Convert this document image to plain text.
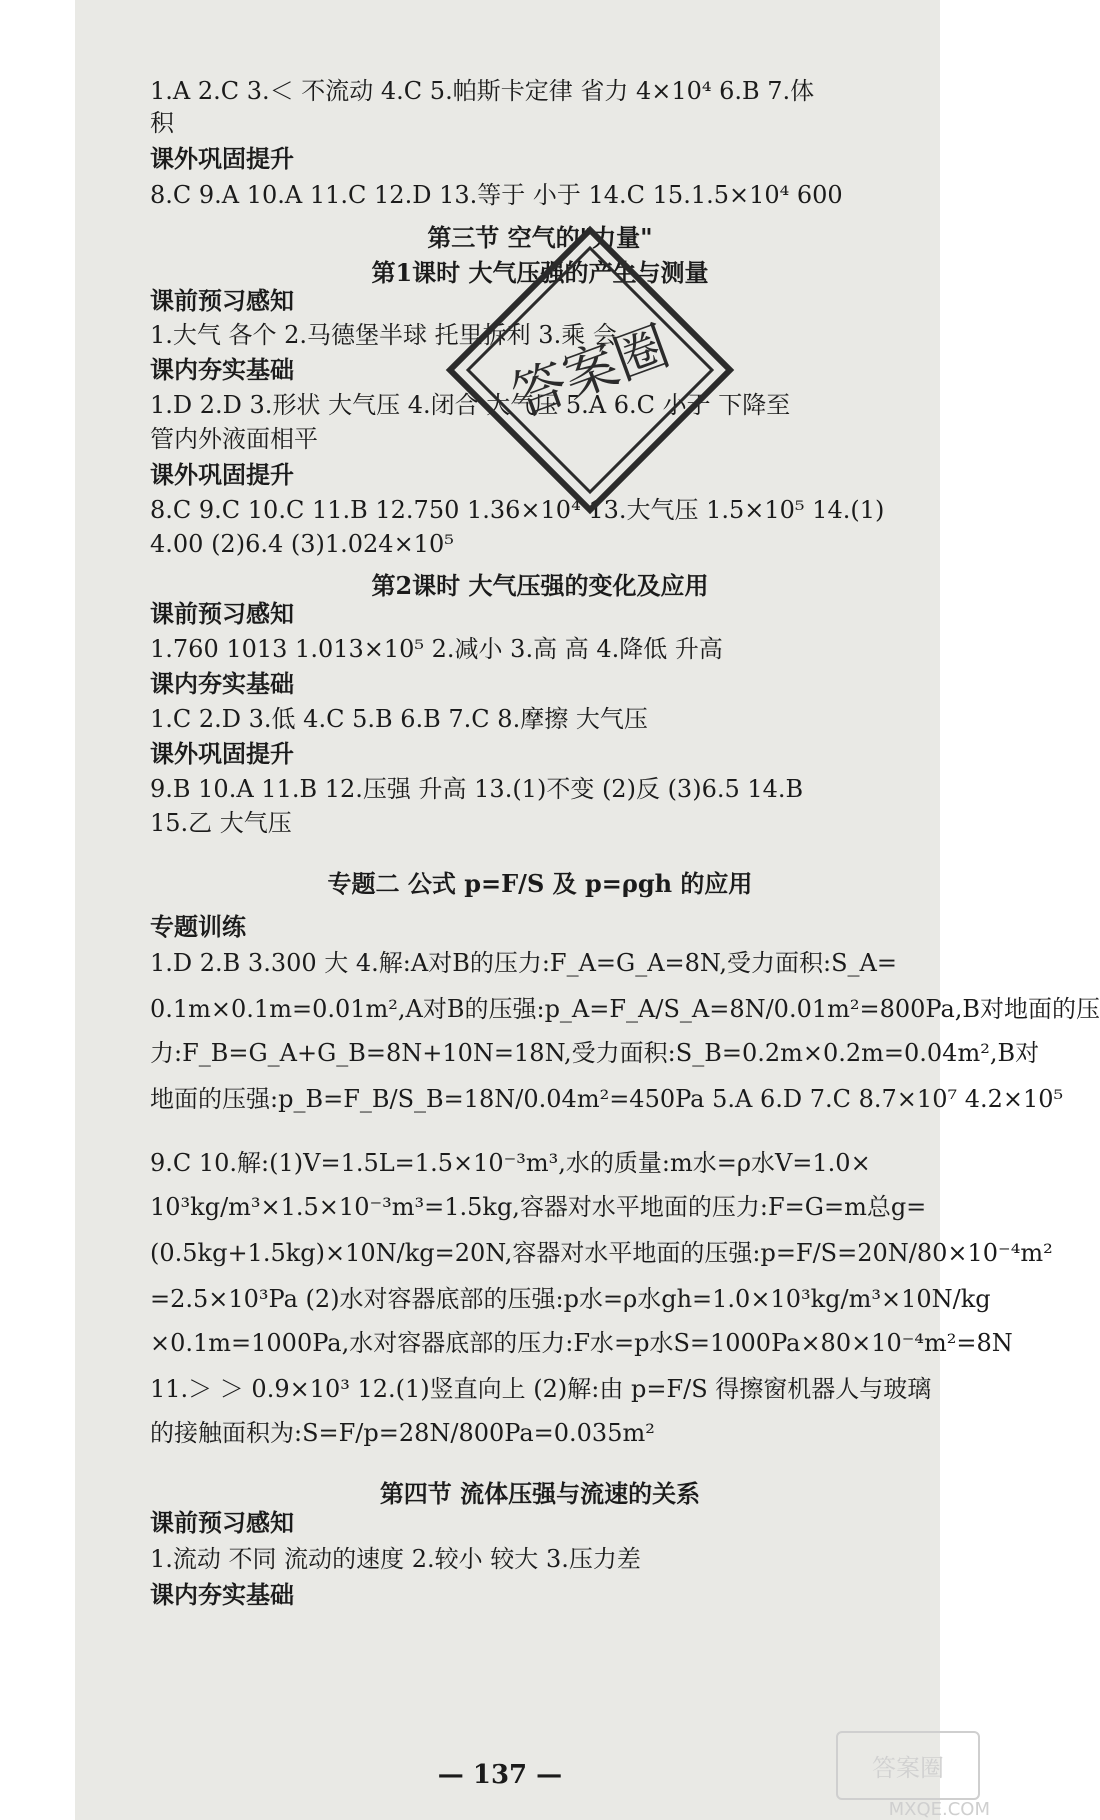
1.A 2.C 3.＜ 不流动 4.C 5.帕斯卡定律 省力 4×10⁴ 6.B 7.体
积
课外巩固提升
8.C 9.A 10.A 11.C 12.D 13.等于 小于 14.C 15.1.5×10⁴ 600
第三节 空气的"力量"
第1课时 大气压强的产生与测量
课前预习感知
1.大气 各个 2.马德堡半球 托里拆利 3.乘 会
课内夯实基础
1.D 2.D 3.形状 大气压 4.闭合 大气压 5.A 6.C 小于 下降至
管内外液面相平
课外巩固提升
8.C 9.C 10.C 11.B 12.750 1.36×10⁴ 13.大气压 1.5×10⁵ 14.(1)
4.00 (2)6.4 (3)1.024×10⁵
第2课时 大气压强的变化及应用
课前预习感知
1.760 1013 1.013×10⁵ 2.减小 3.高 高 4.降低 升高
课内夯实基础
1.C 2.D 3.低 4.C 5.B 6.B 7.C 8.摩擦 大气压
课外巩固提升
9.B 10.A 11.B 12.压强 升高 13.(1)不变 (2)反 (3)6.5 14.B
15.乙 大气压
专题二 公式 p=F/S 及 p=ρgh 的应用
专题训练
1.D 2.B 3.300 大 4.解:A对B的压力:F_A=G_A=8N,受力面积:S_A=
0.1m×0.1m=0.01m²,A对B的压强:p_A=F_A/S_A=8N/0.01m²=800Pa,B对地面的压
力:F_B=G_A+G_B=8N+10N=18N,受力面积:S_B=0.2m×0.2m=0.04m²,B对
地面的压强:p_B=F_B/S_B=18N/0.04m²=450Pa 5.A 6.D 7.C 8.7×10⁷ 4.2×10⁵
9.C 10.解:(1)V=1.5L=1.5×10⁻³m³,水的质量:m水=ρ水V=1.0×
10³kg/m³×1.5×10⁻³m³=1.5kg,容器对水平地面的压力:F=G=m总g=
(0.5kg+1.5kg)×10N/kg=20N,容器对水平地面的压强:p=F/S=20N/80×10⁻⁴m²
=2.5×10³Pa (2)水对容器底部的压强:p水=ρ水gh=1.0×10³kg/m³×10N/kg
×0.1m=1000Pa,水对容器底部的压力:F水=p水S=1000Pa×80×10⁻⁴m²=8N
11.＞ ＞ 0.9×10³ 12.(1)竖直向上 (2)解:由 p=F/S 得擦窗机器人与玻璃
的接触面积为:S=F/p=28N/800Pa=0.035m²
第四节 流体压强与流速的关系
课前预习感知
1.流动 不同 流动的速度 2.较小 较大 3.压力差
课内夯实基础
答案圈
— 137 —	答案圈
MXQE.COM
